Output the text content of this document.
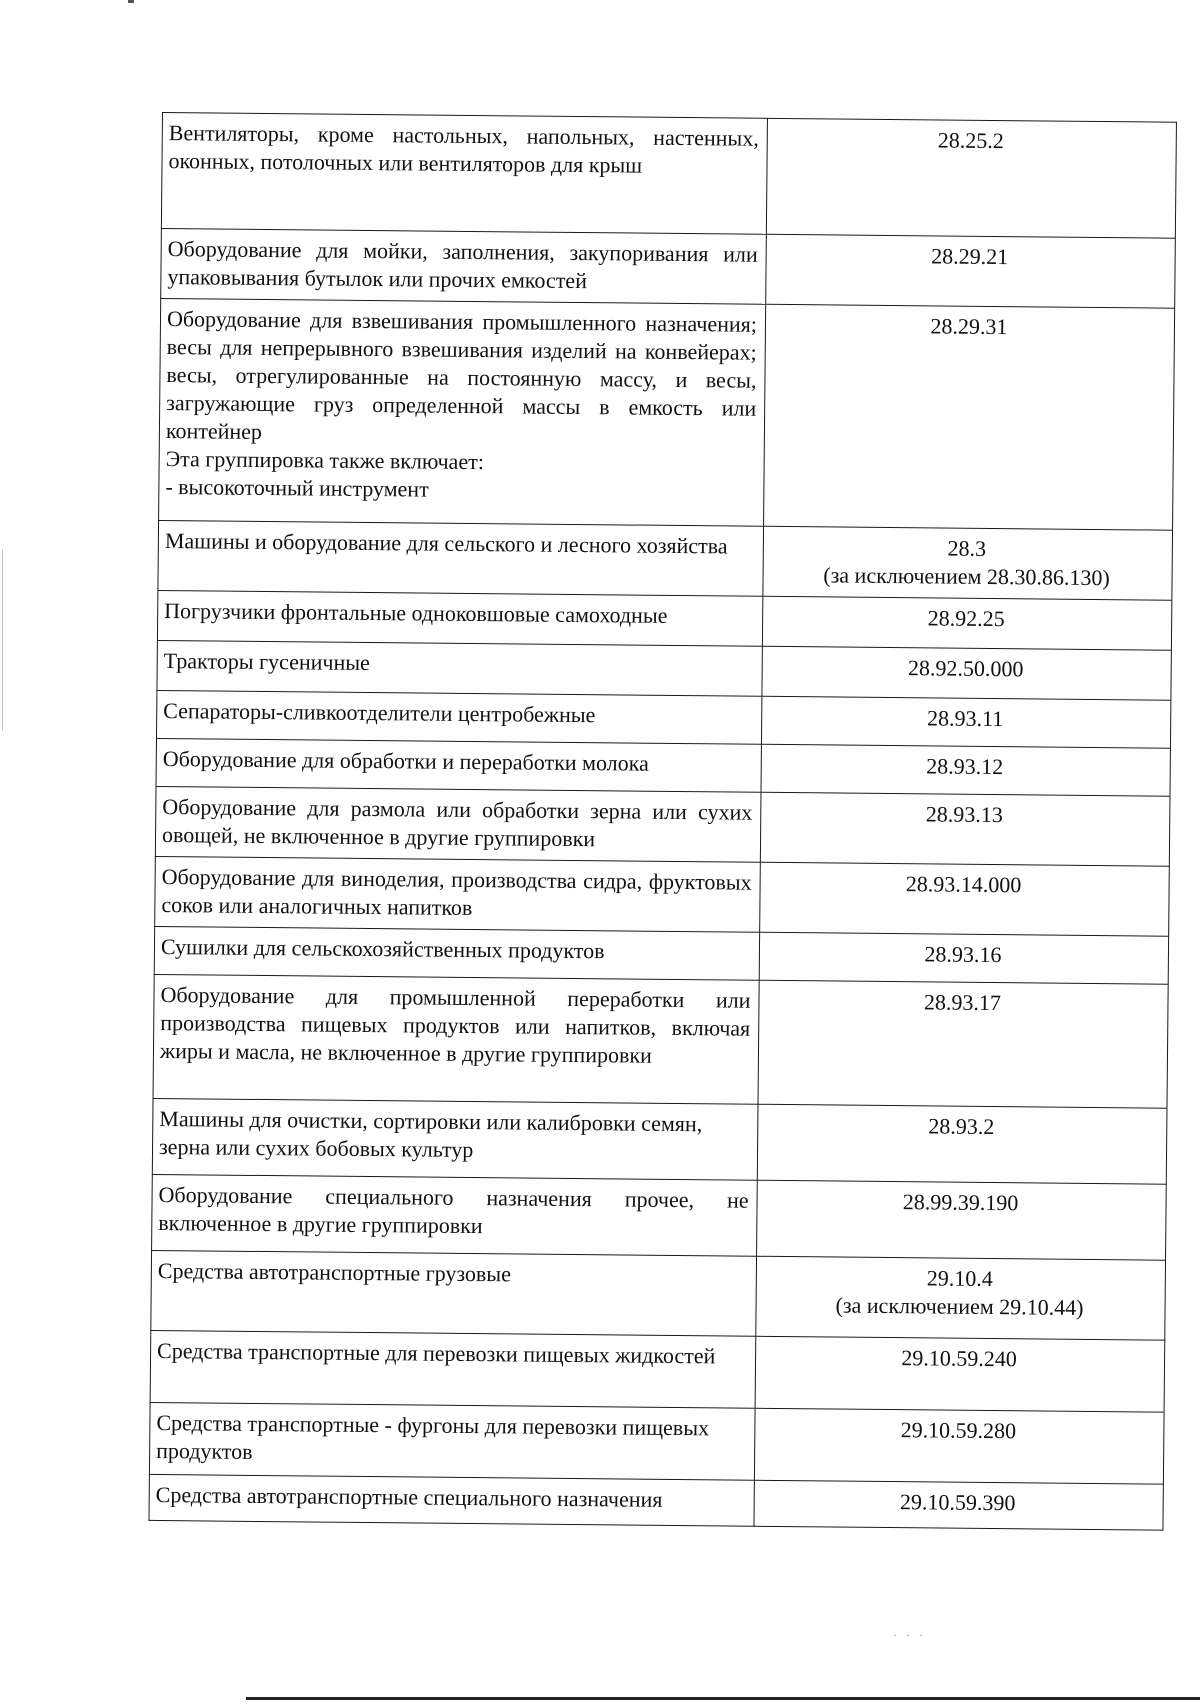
Вентиляторы, кроме настольных, напольных, настенных, оконных, потолочных или вентиляторов для крыш	28.25.2
Оборудование для мойки, заполнения, закупоривания или упаковывания бутылок или прочих емкостей	28.29.21

Оборудование для взвешивания промышленного назначения; весы для непрерывного взвешивания изделий на конвейерах; весы, отрегулированные на постоянную массу, и весы, загружающие груз определенной массы в емкость или контейнер
Эта группировка также включает:
- высокоточный инструмент	28.29.31
Машины и оборудование для сельского и лесного хозяйства	28.3
(за исключением 28.30.86.130)

Погрузчики фронтальные одноковшовые самоходные	28.92.25
Тракторы гусеничные	28.92.50.000
Сепараторы-сливкоотделители центробежные	28.93.11
Оборудование для обработки и переработки молока	28.93.12
Оборудование для размола или обработки зерна или сухих овощей, не включенное в другие группировки	28.93.13
Оборудование для виноделия, производства сидра, фруктовых соков или аналогичных напитков	28.93.14.000
Сушилки для сельскохозяйственных продуктов	28.93.16
Оборудование для промышленной переработки или производства пищевых продуктов или напитков, включая жиры и масла, не включенное в другие группировки	28.93.17
Машины для очистки, сортировки или калибровки семян, зерна или сухих бобовых культур	28.93.2
Оборудование специального назначения прочее, не включенное в другие группировки	28.99.39.190
Средства автотранспортные грузовые	29.10.4
(за исключением 29.10.44)

Средства транспортные для перевозки пищевых жидкостей	29.10.59.240
Средства транспортные - фургоны для перевозки пищевых продуктов	29.10.59.280
Средства автотранспортные специального назначения	29.10.59.390
· · ·
